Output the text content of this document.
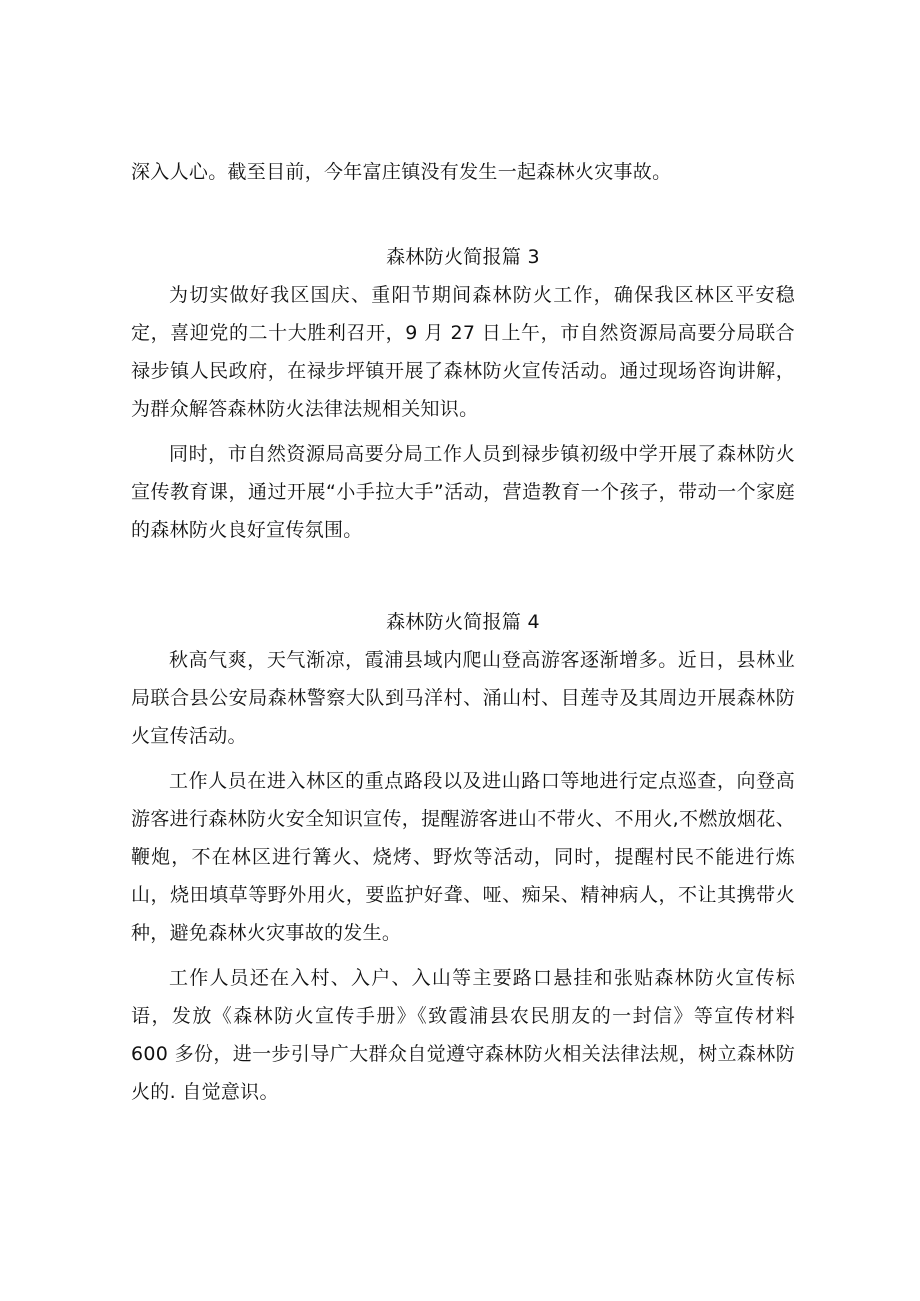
深入人心。截至目前，今年富庄镇没有发生一起森林火灾事故。

森林防火简报篇 3

为切实做好我区国庆、重阳节期间森林防火工作，确保我区林区平安稳定，喜迎党的二十大胜利召开，9 月 27 日上午，市自然资源局高要分局联合禄步镇人民政府，在禄步坪镇开展了森林防火宣传活动。通过现场咨询讲解，为群众解答森林防火法律法规相关知识。

同时，市自然资源局高要分局工作人员到禄步镇初级中学开展了森林防火宣传教育课，通过开展“小手拉大手”活动，营造教育一个孩子，带动一个家庭的森林防火良好宣传氛围。

森林防火简报篇 4

秋高气爽，天气渐凉，霞浦县域内爬山登高游客逐渐增多。近日，县林业局联合县公安局森林警察大队到马洋村、涌山村、目莲寺及其周边开展森林防火宣传活动。

工作人员在进入林区的重点路段以及进山路口等地进行定点巡查，向登高游客进行森林防火安全知识宣传，提醒游客进山不带火、不用火,不燃放烟花、鞭炮，不在林区进行篝火、烧烤、野炊等活动，同时，提醒村民不能进行炼山，烧田填草等野外用火，要监护好聋、哑、痴呆、精神病人，不让其携带火种，避免森林火灾事故的发生。

工作人员还在入村、入户、入山等主要路口悬挂和张贴森林防火宣传标语，发放《森林防火宣传手册》《致霞浦县农民朋友的一封信》等宣传材料 600 多份，进一步引导广大群众自觉遵守森林防火相关法律法规，树立森林防火的. 自觉意识。
